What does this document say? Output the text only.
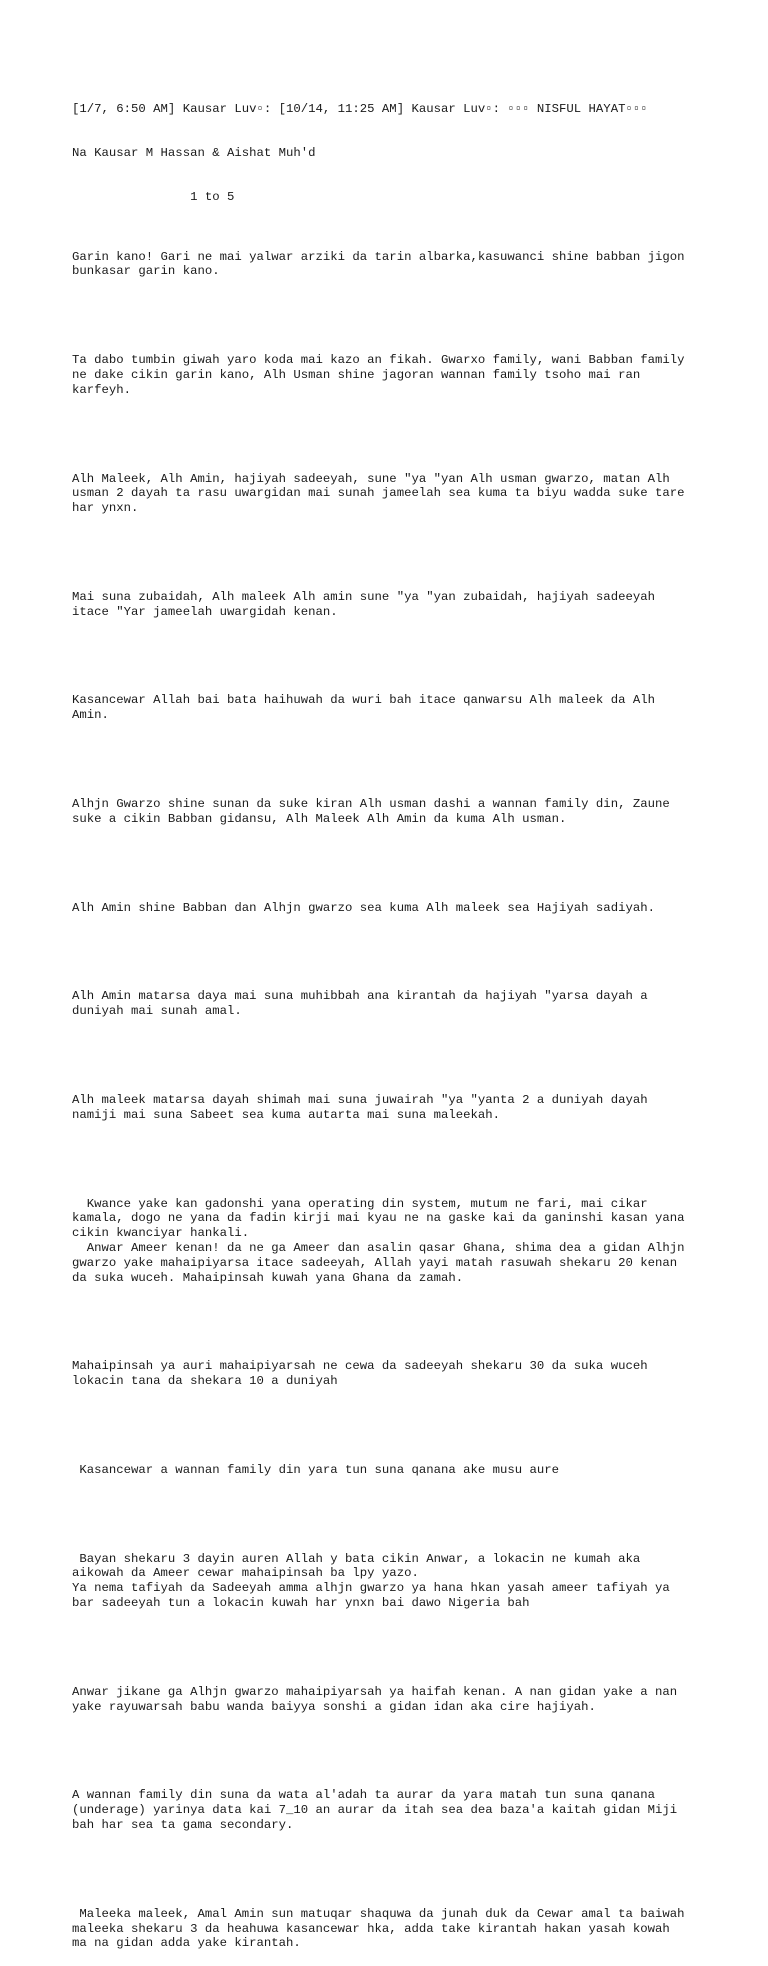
[1/7, 6:50 AM] Kausar Luv▫: [10/14, 11:25 AM] Kausar Luv▫: ▫▫▫ NISFUL HAYAT▫▫▫

Na Kausar M Hassan & Aishat Muh'd

1 to 5

Garin kano! Gari ne mai yalwar arziki da tarin albarka,kasuwanci shine babban jigon
bunkasar garin kano.

Ta dabo tumbin giwah yaro koda mai kazo an fikah. Gwarxo family, wani Babban family
ne dake cikin garin kano, Alh Usman shine jagoran wannan family tsoho mai ran
karfeyh.

Alh Maleek, Alh Amin, hajiyah sadeeyah, sune "ya "yan Alh usman gwarzo, matan Alh
usman 2 dayah ta rasu uwargidan mai sunah jameelah sea kuma ta biyu wadda suke tare
har ynxn.

Mai suna zubaidah, Alh maleek Alh amin sune "ya "yan zubaidah, hajiyah sadeeyah
itace "Yar jameelah uwargidah kenan.

Kasancewar Allah bai bata haihuwah da wuri bah itace qanwarsu Alh maleek da Alh
Amin.

Alhjn Gwarzo shine sunan da suke kiran Alh usman dashi a wannan family din, Zaune
suke a cikin Babban gidansu, Alh Maleek Alh Amin da kuma Alh usman.

Alh Amin shine Babban dan Alhjn gwarzo sea kuma Alh maleek sea Hajiyah sadiyah.

Alh Amin matarsa daya mai suna muhibbah ana kirantah da hajiyah "yarsa dayah a
duniyah mai sunah amal.

Alh maleek matarsa dayah shimah mai suna juwairah "ya "yanta 2 a duniyah dayah
namiji mai suna Sabeet sea kuma autarta mai suna maleekah.

Kwance yake kan gadonshi yana operating din system, mutum ne fari, mai cikar
kamala, dogo ne yana da fadin kirji mai kyau ne na gaske kai da ganinshi kasan yana
cikin kwanciyar hankali.
Anwar Ameer kenan! da ne ga Ameer dan asalin qasar Ghana, shima dea a gidan Alhjn
gwarzo yake mahaipiyarsa itace sadeeyah, Allah yayi matah rasuwah shekaru 20 kenan
da suka wuceh. Mahaipinsah kuwah yana Ghana da zamah.

Mahaipinsah ya auri mahaipiyarsah ne cewa da sadeeyah shekaru 30 da suka wuceh
lokacin tana da shekara 10 a duniyah

Kasancewar a wannan family din yara tun suna qanana ake musu aure

Bayan shekaru 3 dayin auren Allah y bata cikin Anwar, a lokacin ne kumah aka
aikowah da Ameer cewar mahaipinsah ba lpy yazo.
Ya nema tafiyah da Sadeeyah amma alhjn gwarzo ya hana hkan yasah ameer tafiyah ya
bar sadeeyah tun a lokacin kuwah har ynxn bai dawo Nigeria bah

Anwar jikane ga Alhjn gwarzo mahaipiyarsah ya haifah kenan. A nan gidan yake a nan
yake rayuwarsah babu wanda baiyya sonshi a gidan idan aka cire hajiyah.

A wannan family din suna da wata al'adah ta aurar da yara matah tun suna qanana
(underage) yarinya data kai 7_10 an aurar da itah sea dea baza'a kaitah gidan Miji
bah har sea ta gama secondary.

Maleeka maleek, Amal Amin sun matuqar shaquwa da junah duk da Cewar amal ta baiwah
maleeka shekaru 3 da heahuwa kasancewar hka, adda take kirantah hakan yasah kowah
ma na gidan adda yake kirantah.
